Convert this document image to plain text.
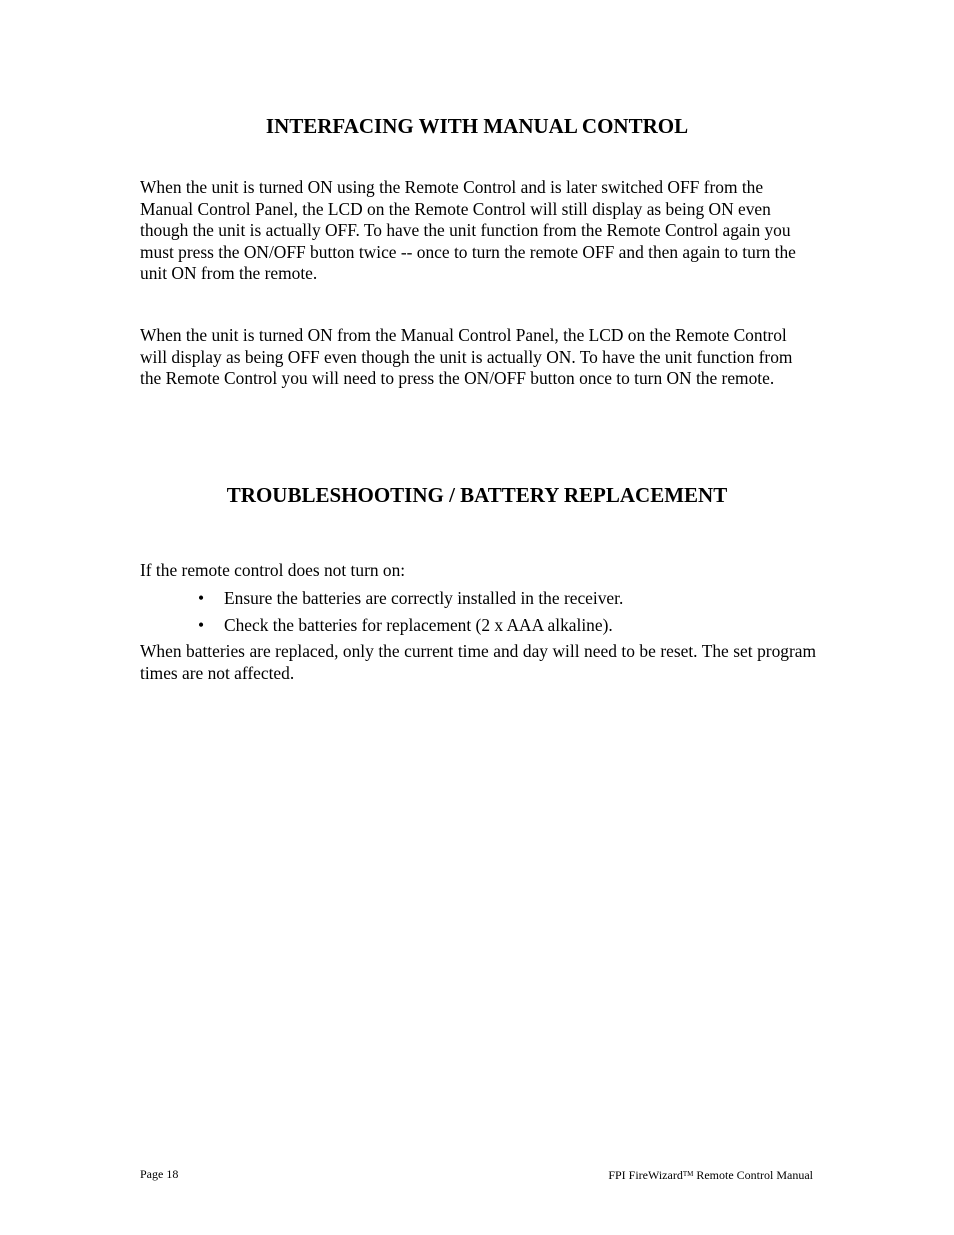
INTERFACING WITH MANUAL CONTROL

When the unit is turned ON using the Remote Control and is later switched OFF from the Manual Control Panel, the LCD on the Remote Control will still display as being ON even though the unit is actually OFF. To have the unit function from the Remote Control again you must press the ON/OFF button twice -- once to turn the remote OFF and then again to turn the unit ON from the remote.

When the unit is turned ON from the Manual Control Panel, the LCD on the Remote Control will display as being OFF even though the unit is actually ON. To have the unit function from the Remote Control you will need to press the ON/OFF button once to turn ON the remote.

TROUBLESHOOTING / BATTERY REPLACEMENT

If the remote control does not turn on:

• Ensure the batteries are correctly installed in the receiver.
• Check the batteries for replacement (2 x AAA alkaline).

When batteries are replaced, only the current time and day will need to be reset. The set program times are not affected.

Page 18	FPI FireWizard™ Remote Control Manual
